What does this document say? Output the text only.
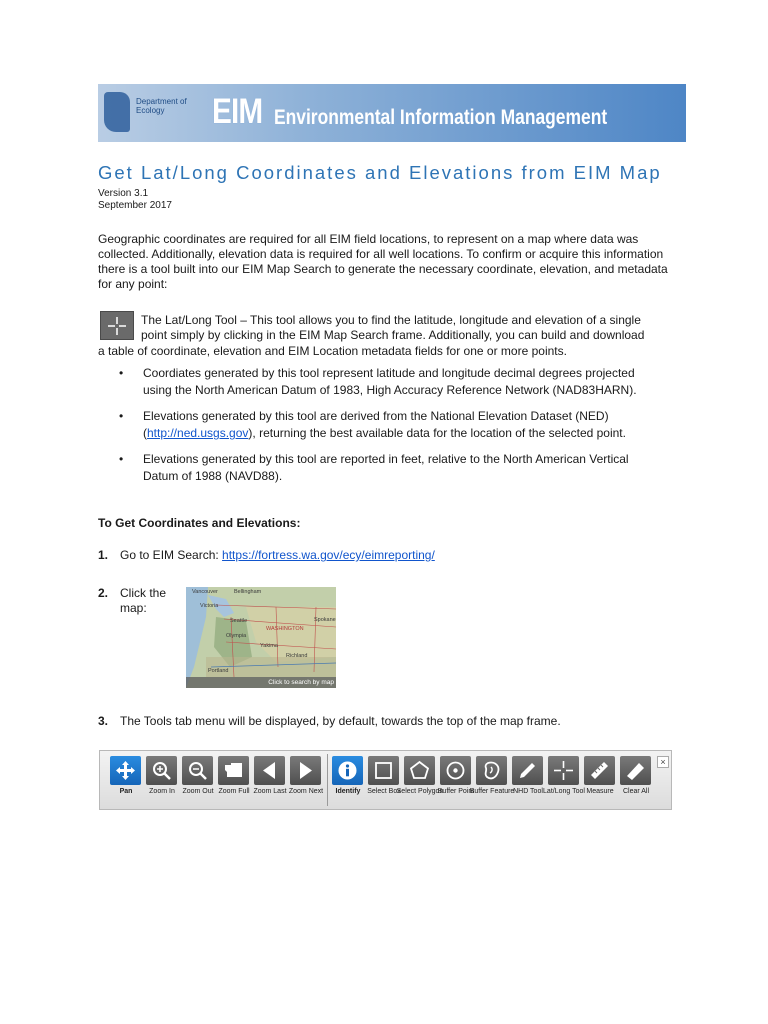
Department of
Ecology	EIM Environmental Information Management
Get Lat/Long Coordinates and Elevations from EIM Map
Version 3.1
September 2017
Geographic coordinates are required for all EIM field locations, to represent on a map where data was collected. Additionally, elevation data is required for all well locations. To confirm or acquire this information there is a tool built into our EIM Map Search to generate the necessary coordinate, elevation, and metadata for any point:
The Lat/Long Tool – This tool allows you to find the latitude, longitude and elevation of a single
point simply by clicking in the EIM Map Search frame. Additionally, you can build and download
a table of coordinate, elevation and EIM Location metadata fields for one or more points.
• Coordiates generated by this tool represent latitude and longitude decimal degrees projected using the North American Datum of 1983, High Accuracy Reference Network (NAD83HARN).
• Elevations generated by this tool are derived from the National Elevation Dataset (NED) (http://ned.usgs.gov), returning the best available data for the location of the selected point.
• Elevations generated by this tool are reported in feet, relative to the North American Vertical Datum of 1988 (NAVD88).
To Get Coordinates and Elevations:
1. Go to EIM Search: https://fortress.wa.gov/ecy/eimreporting/
2. Click the
map:
Vancouver	Bellingham
Victoria
Seattle
WASHINGTON
Olympia
Yakima
Portland
Richland
Spokane
Click to search by map
3. The Tools tab menu will be displayed, by default, towards the top of the map frame.
Pan	Zoom In	Zoom Out Zoom Full Zoom Last Zoom Next	Identify Select Box
Select Polygon
Buffer Point
Buffer Feature
NHD Tool Lat/Long Tool Measure	Clear All
×
